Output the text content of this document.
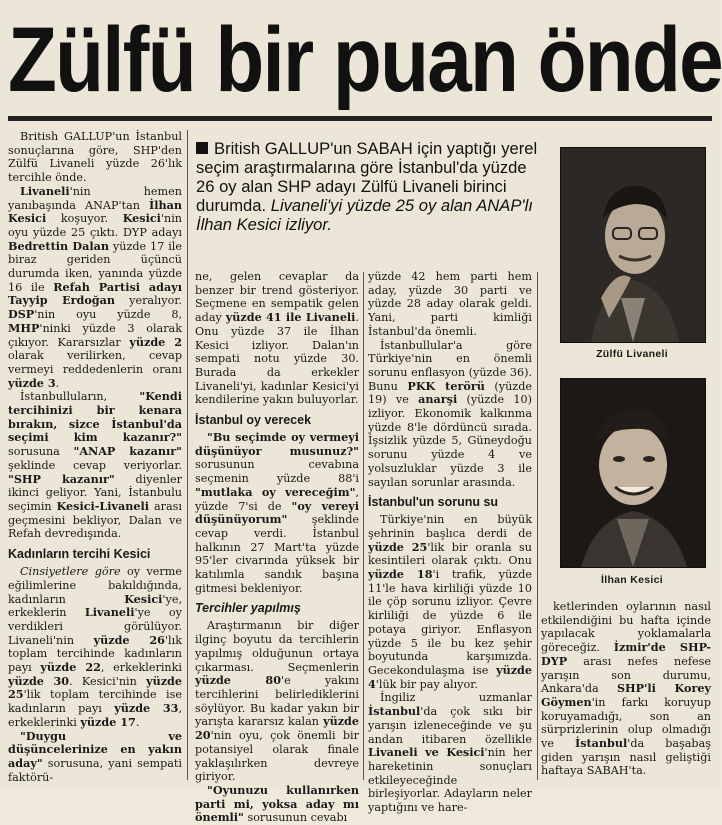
Zülfü bir puan önde

British GALLUP'un İstanbul sonuçlarına göre, SHP'den Zülfü Livaneli yüzde 26'lık tercihle önde.

Livaneli'nin hemen yanıbaşında ANAP'tan İlhan Kesici koşuyor. Kesici'nin oyu yüzde 25 çıktı. DYP adayı Bedrettin Dalan yüzde 17 ile biraz geriden üçüncü durumda iken, yanında yüzde 16 ile Refah Partisi adayı Tayyip Erdoğan yeralıyor. DSP'nin oyu yüzde 8, MHP'ninki yüzde 3 olarak çıkıyor. Kararsızlar yüzde 2 olarak verilirken, cevap vermeyi reddedenlerin oranı yüzde 3.

İstanbulluların, "Kendi tercihinizi bir kenara bırakın, sizce İstanbul'da seçimi kim kazanır?" sorusuna "ANAP kazanır" şeklinde cevap veriyorlar. "SHP kazanır" diyenler ikinci geliyor. Yani, İstanbulu seçimin Kesici-Livaneli arası geçmesini bekliyor, Dalan ve Refah devredışında.

Kadınların tercihi Kesici

Cinsiyetlere göre oy verme eğilimlerine bakıldığında, kadınların Kesici'ye, erkeklerin Livaneli'ye oy verdikleri görülüyor. Livaneli'nin yüzde 26'lık toplam tercihinde kadınların payı yüzde 22, erkeklerinki yüzde 30. Kesici'nin yüzde 25'lik toplam tercihinde ise kadınların payı yüzde 33, erkeklerinki yüzde 17.

"Duygu ve düşüncelerinize en yakın aday" sorusuna, yani sempati faktörü-

British GALLUP'un SABAH için yaptığı yerel seçim araştırmalarına göre İstanbul'da yüzde 26 oy alan SHP adayı Zülfü Livaneli birinci durumda. Livaneli'yi yüzde 25 oy alan ANAP'lı İlhan Kesici izliyor.

ne, gelen cevaplar da benzer bir trend gösteriyor. Seçmene en sempatik gelen aday yüzde 41 ile Livaneli. Onu yüzde 37 ile İlhan Kesici izliyor. Dalan'ın sempati notu yüzde 30. Burada da erkekler Livaneli'yi, kadınlar Kesici'yi kendilerine yakın buluyorlar.

İstanbul oy verecek

"Bu seçimde oy vermeyi düşünüyor musunuz?" sorusunun cevabına seçmenin yüzde 88'i "mutlaka oy vereceğim", yüzde 7'si de "oy vereyi düşünüyorum" şeklinde cevap verdi. İstanbul halkının 27 Mart'ta yüzde 95'ler civarında yüksek bir katılımla sandık başına gitmesi bekleniyor.

Tercihler yapılmış

Araştırmanın bir diğer ilginç boyutu da tercihlerin yapılmış olduğunun ortaya çıkarması. Seçmenlerin yüzde 80'e yakını tercihlerini belirlediklerini söylüyor. Bu kadar yakın bir yarışta kararsız kalan yüzde 20'nin oyu, çok önemli bir potansiyel olarak finale yaklaşılırken devreye giriyor.

"Oyunuzu kullanırken parti mi, yoksa aday mı önemli" sorusunun cevabı

yüzde 42 hem parti hem aday, yüzde 30 parti ve yüzde 28 aday olarak geldi. Yani, parti kimliği İstanbul'da önemli.

İstanbullular'a göre Türkiye'nin en önemli sorunu enflasyon (yüzde 36). Bunu PKK terörü (yüzde 19) ve anarşi (yüzde 10) izliyor. Ekonomik kalkınma yüzde 8'le dördüncü sırada. İşsizlik yüzde 5, Güneydoğu sorunu yüzde 4 ve yolsuzluklar yüzde 3 ile sayılan sorunlar arasında.

İstanbul'un sorunu su

Türkiye'nin en büyük şehrinin başlıca derdi de yüzde 25'lik bir oranla su kesintileri olarak çıktı. Onu yüzde 18'i trafik, yüzde 11'le hava kirliliği yüzde 10 ile çöp sorunu izliyor. Çevre kirliliği de yüzde 6 ile potaya giriyor. Enflasyon yüzde 5 ile bu kez şehir boyutunda karşımızda. Gecekondulaşma ise yüzde 4'lük bir pay alıyor.

İngiliz uzmanlar İstanbul'da çok sıkı bir yarışın izleneceğinde ve şu andan itibaren özellikle Livaneli ve Kesici'nin her hareketinin sonuçları etkileyeceğinde birleşiyorlar. Adayların neler yaptığını ve hare-

Zülfü Livaneli
İlhan Kesici

ketlerinden oylarının nasıl etkilendiğini bu hafta içinde yapılacak yoklamalarla göreceğiz. İzmir'de SHP-DYP arası nefes nefese yarışın son durumu, Ankara'da SHP'li Korey Göymen'in farkı koruyup koruyamadığı, son an sürprizlerinin olup olmadığı ve İstanbul'da başabaş giden yarışın nasıl geliştiği haftaya SABAH'ta.
